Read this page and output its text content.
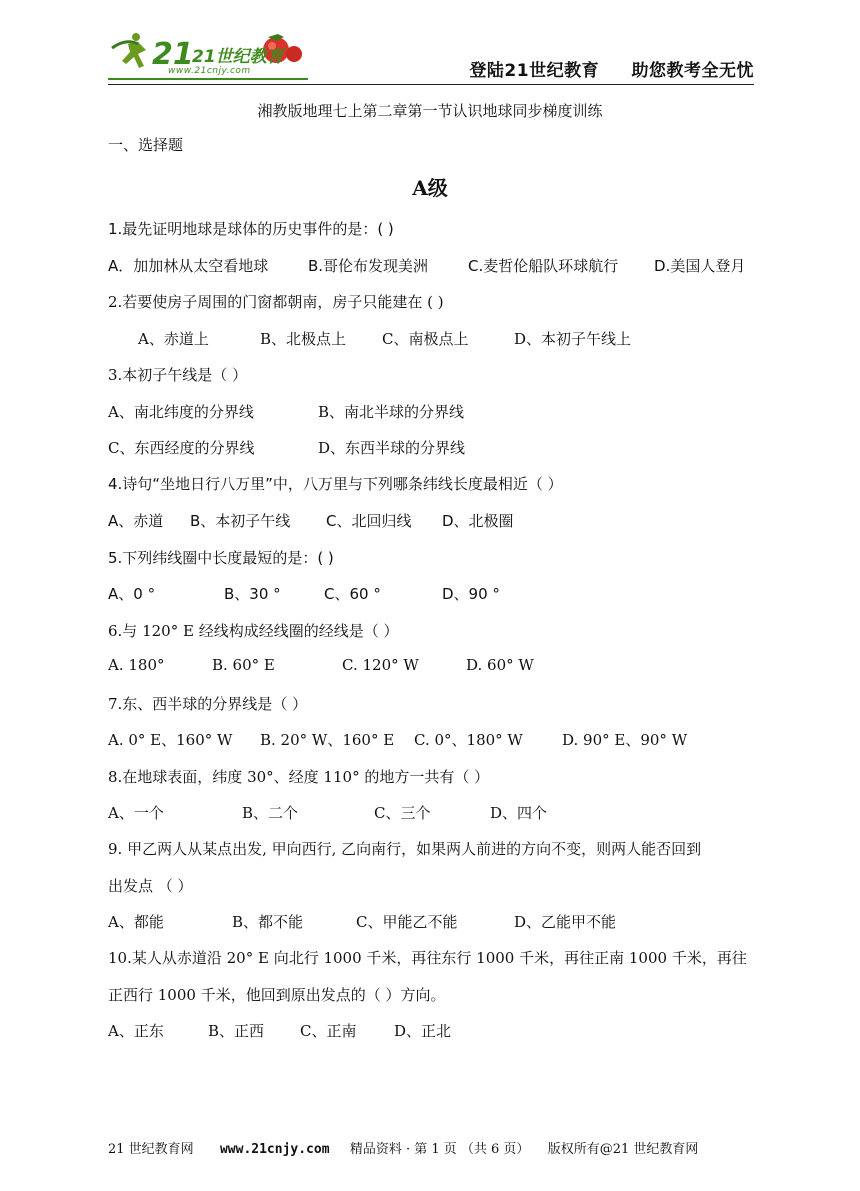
21
21世纪教育
www.21cnjy.com	登陆21世纪教育 助您教考全无忧
湘教版地理七上第二章第一节认识地球同步梯度训练
一、选择题
A级
1.最先证明地球是球体的历史事件的是：( )
A．加加林从太空看地球	B.哥伦布发现美洲	C.麦哲伦船队环球航行 D.美国人登月
2.若要使房子周围的门窗都朝南，房子只能建在 ( )
A、赤道上	B、北极点上 C、南极点上	D、本初子午线上
3.本初子午线是（ ）
A、南北纬度的分界线	B、南北半球的分界线
C、东西经度的分界线	D、东西半球的分界线
4.诗句“坐地日行八万里”中，八万里与下列哪条纬线长度最相近（ ）
A、赤道 B、本初子午线 C、北回归线 D、北极圈
5.下列纬线圈中长度最短的是：( )
A、0 °	B、30 °	C、60 °	D、90 °
6.与 120° E 经线构成经线圈的经线是（ ）
A. 180°	B. 60° E	C. 120° W	D. 60° W
7.东、西半球的分界线是（ ）
A. 0° E、160° W B. 20° W、160° E C. 0°、180° W	D. 90° E、90° W
8.在地球表面，纬度 30°、经度 110° 的地方一共有（ ）
A、一个	B、二个	C、三个	D、四个
9. 甲乙两人从某点出发, 甲向西行, 乙向南行，如果两人前进的方向不变，则两人能否回到
出发点 （ ）
A、都能	B、都不能	C、甲能乙不能	D、乙能甲不能
10.某人从赤道沿 20° E 向北行 1000 千米，再往东行 1000 千米，再往正南 1000 千米，再往
正西行 1000 千米，他回到原出发点的（ ）方向。
A、正东	B、正西 C、正南	D、正北
21 世纪教育网 www.21cnjy.com 精品资料 · 第 1 页 （共 6 页） 版权所有@21 世纪教育网
